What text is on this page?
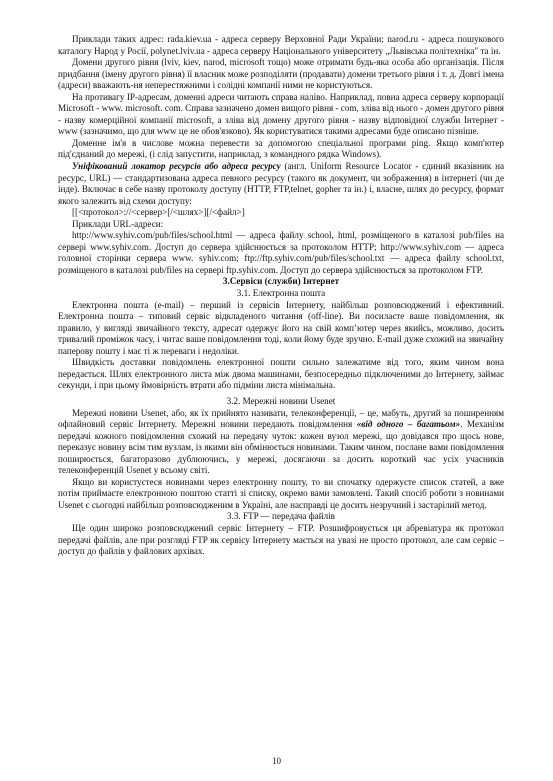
Приклади таких адрес: rada.kiev.ua - адреса серверу Верховної Ради України; narod.ru - адреса пошукового каталогу Народ у Росії, polynet.lviv.ua - адреса серверу Національного університету „Львівська політехніка" та ін.

Домени другого рівня (lviv, kiev, narod, microsoft тощо) може отримати будь-яка особа або організація. Після придбання (імену другого рівня) її власник може розподіляти (продавати) домени третього рівня і т. д. Довгі імена (адреси) вважають-ня непереcтяжними і солідні компанії ними не користуються.

На противагу IP-адресам, доменні адреси читають справа наліво. Наприклад, повна адреса серверу корпорації Microsoft - www. microsoft. com. Справа зазначено домен вищого рівня - com, зліва від нього - домен другого рівня - назву комерційної компанії microsoft, а зліва від домену другого рівня - назву відповідної служби Інтернет - www (зазначимо, що для www це не обов'язково). Як користуватися такими адресами буде описано пізніше.

Доменне ім'я в числове можна перевести за допомогою спеціальної програми ping. Якщо комп'ютер під'єднаний до мережі, (і слід запустити, наприклад, з командного рядка Windows).

Уніфікований локатор ресурсів або адреса ресурсу (англ. Uniform Resource Locator - єдиний вказівник на ресурс, URL) — стандартизована адреса певного ресурсу (такого як документ, чи зображення) в інтернеті (чи де інде). Включає в себе назву протоколу доступу (HTTP, FTP,telnet, gopher та ін.) і, власне, шлях до ресурсу, формат якого залежить від схеми доступу:

[[<протокол>://<сервер>[/<шлях>][/<файл>]

Приклади URL-адреси:

http://www.syhiv.com/pub/files/school.html — адреса файлу school, html, розміщеного в каталозі pub/files на сервері www.syhiv.com. Доступ до сервера здійснюється за протоколом HTTP; http://www.syhiv.com — адреса головної сторінки сервера www. syhiv.com; ftp://ftp.syhiv.com/pub/files/school.txt — адреса файлу school.txt, розміщеного в каталозі pub/files на сервері ftp.syhiv.com. Доступ до сервера здійснюється за протоколом FTP.

3.Сервіси (служби) Інтернет

3.1. Електронна пошта

Електронна пошта (e-mail) – перший із сервісів Інтернету, найбільш розповсюджений і ефективний. Електронна пошта – типовий сервіс відкладеного читання (off-line). Ви посилаєте ваше повідомлення, як правило, у вигляді звичайного тексту, адресат одержує його на свій комп’ютер через якийсь, можливо, досить тривалий проміжок часу, і читає ваше повідомлення тоді, коли йому буде зручно. E-mail дуже схожий на звичайну паперову пошту і має ті ж переваги і недоліки.

Швидкість доставки повідомлень електронної пошти сильно залежатиме від того, яким чином вона передається. Шлях електронного листа між двома машинами, безпосередньо підключеними до Інтернету, займає секунди, і при цьому ймовірність втрати або підміни листа мінімальна.

3.2. Мережні новини Usenet

Мережні новини Usenet, або, як їх прийнято називати, телеконференції, – це, мабуть, другий за поширенням офлайновий сервіс Інтернету. Мережні новини передають повідомлення «від одного – багатьом». Механізм передачі кожного повідомлення схожий на передачу чуток: кожен вузол мережі, що довідався про щось нове, переказує новину всім тим вузлам, із якими він обмінюється новинами. Таким чином, послане вами повідомлення поширюється, багаторазово дублюючись, у мережі, досягаючи за досить короткий час усіх учасників телеконференцій Usenet у всьому світі.

Якщо ви користуєтеся новинами через електронну пошту, то ви спочатку одержуєте список статей, а вже потім приймаєте електронною поштою статті зі списку, окремо вами замовлені. Такий спосіб роботи з новинами Usenet є сьогодні найбільш розповсюдженим в Україні, але насправді це досить незручний і застарілий метод.

3.3. FTP — передача файлів

Ще один широко розповсюджений сервіс Інтернету – FTP. Розшифровується ця абревіатура як протокол передачі файлів, але при розгляді FTP як сервісу Інтернету мається на увазі не просто протокол, але сам сервіс – доступ до файлів у файлових архівах.

10
